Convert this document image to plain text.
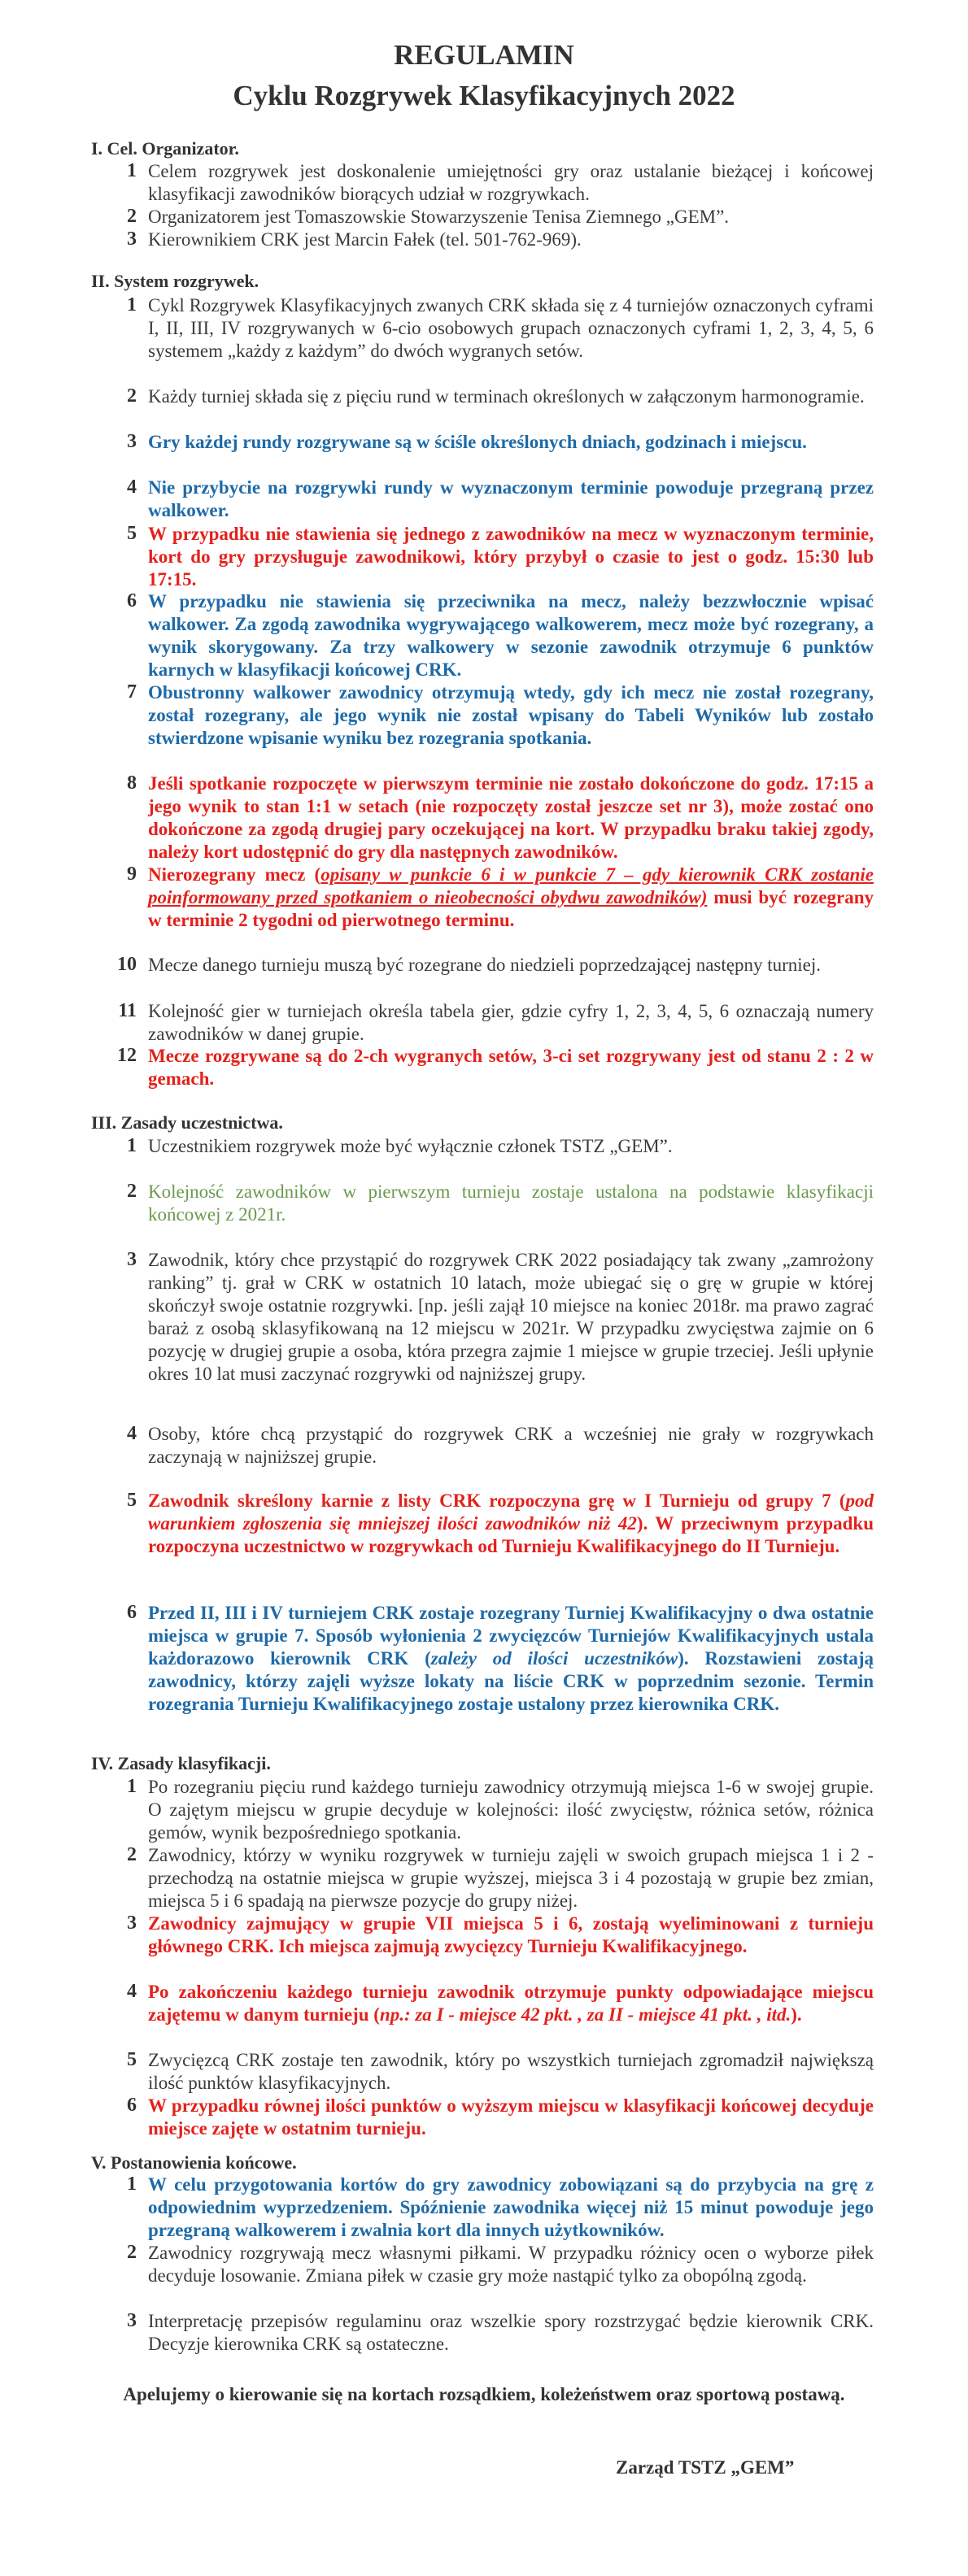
REGULAMIN
Cyklu Rozgrywek Klasyfikacyjnych 2022
I. Cel. Organizator.
1 Celem rozgrywek jest doskonalenie umiejętności gry oraz ustalanie bieżącej i końcowej klasyfikacji zawodników biorących udział w rozgrywkach.
2 Organizatorem jest Tomaszowskie Stowarzyszenie Tenisa Ziemnego „GEM”.
3 Kierownikiem CRK jest Marcin Fałek (tel. 501-762-969).
II. System rozgrywek.
1 Cykl Rozgrywek Klasyfikacyjnych zwanych CRK składa się z 4 turniejów oznaczonych cyframi I, II, III, IV rozgrywanych w 6-cio osobowych grupach oznaczonych cyframi 1, 2, 3, 4, 5, 6 systemem „każdy z każdym” do dwóch wygranych setów.
2 Każdy turniej składa się z pięciu rund w terminach określonych w załączonym harmonogramie.
3 Gry każdej rundy rozgrywane są w ściśle określonych dniach, godzinach i miejscu.
4 Nie przybycie na rozgrywki rundy w wyznaczonym terminie powoduje przegraną przez walkower.
5 W przypadku nie stawienia się jednego z zawodników na mecz w wyznaczonym terminie, kort do gry przysługuje zawodnikowi, który przybył o czasie to jest o godz. 15:30 lub 17:15.
6 W przypadku nie stawienia się przeciwnika na mecz, należy bezzwłocznie wpisać walkower. Za zgodą zawodnika wygrywającego walkowerem, mecz może być rozegrany, a wynik skorygowany. Za trzy walkowery w sezonie zawodnik otrzymuje 6 punktów karnych w klasyfikacji końcowej CRK.
7 Obustronny walkower zawodnicy otrzymują wtedy, gdy ich mecz nie został rozegrany, został rozegrany, ale jego wynik nie został wpisany do Tabeli Wyników lub zostało stwierdzone wpisanie wyniku bez rozegrania spotkania.
8 Jeśli spotkanie rozpoczęte w pierwszym terminie nie zostało dokończone do godz. 17:15 a jego wynik to stan 1:1 w setach (nie rozpoczęty został jeszcze set nr 3), może zostać ono dokończone za zgodą drugiej pary oczekującej na kort. W przypadku braku takiej zgody, należy kort udostępnić do gry dla następnych zawodników.
9 Nierozegrany mecz (opisany w punkcie 6 i w punkcie 7 – gdy kierownik CRK zostanie poinformowany przed spotkaniem o nieobecności obydwu zawodników) musi być rozegrany w terminie 2 tygodni od pierwotnego terminu.
10 Mecze danego turnieju muszą być rozegrane do niedzieli poprzedzającej następny turniej.
11 Kolejność gier w turniejach określa tabela gier, gdzie cyfry 1, 2, 3, 4, 5, 6 oznaczają numery zawodników w danej grupie.
12 Mecze rozgrywane są do 2-ch wygranych setów, 3-ci set rozgrywany jest od stanu 2 : 2 w gemach.
III. Zasady uczestnictwa.
1 Uczestnikiem rozgrywek może być wyłącznie członek TSTZ „GEM”.
2 Kolejność zawodników w pierwszym turnieju zostaje ustalona na podstawie klasyfikacji końcowej z 2021r.
3 Zawodnik, który chce przystąpić do rozgrywek CRK 2022 posiadający tak zwany „zamrożony ranking” tj. grał w CRK w ostatnich 10 latach, może ubiegać się o grę w grupie w której skończył swoje ostatnie rozgrywki. [np. jeśli zajął 10 miejsce na koniec 2018r. ma prawo zagrać baraż z osobą sklasyfikowaną na 12 miejscu w 2021r. W przypadku zwycięstwa zajmie on 6 pozycję w drugiej grupie a osoba, która przegra zajmie 1 miejsce w grupie trzeciej. Jeśli upłynie okres 10 lat musi zaczynać rozgrywki od najniższej grupy.
4 Osoby, które chcą przystąpić do rozgrywek CRK a wcześniej nie grały w rozgrywkach zaczynają w najniższej grupie.
5 Zawodnik skreślony karnie z listy CRK rozpoczyna grę w I Turnieju od grupy 7 (pod warunkiem zgłoszenia się mniejszej ilości zawodników niż 42). W przeciwnym przypadku rozpoczyna uczestnictwo w rozgrywkach od Turnieju Kwalifikacyjnego do II Turnieju.
6 Przed II, III i IV turniejem CRK zostaje rozegrany Turniej Kwalifikacyjny o dwa ostatnie miejsca w grupie 7. Sposób wyłonienia 2 zwycięzców Turniejów Kwalifikacyjnych ustala każdorazowo kierownik CRK (zależy od ilości uczestników). Rozstawieni zostają zawodnicy, którzy zajęli wyższe lokaty na liście CRK w poprzednim sezonie. Termin rozegrania Turnieju Kwalifikacyjnego zostaje ustalony przez kierownika CRK.
IV. Zasady klasyfikacji.
1 Po rozegraniu pięciu rund każdego turnieju zawodnicy otrzymują miejsca 1-6 w swojej grupie. O zajętym miejscu w grupie decyduje w kolejności: ilość zwycięstw, różnica setów, różnica gemów, wynik bezpośredniego spotkania.
2 Zawodnicy, którzy w wyniku rozgrywek w turnieju zajęli w swoich grupach miejsca 1 i 2 - przechodzą na ostatnie miejsca w grupie wyższej, miejsca 3 i 4 pozostają w grupie bez zmian, miejsca 5 i 6 spadają na pierwsze pozycje do grupy niżej.
3 Zawodnicy zajmujący w grupie VII miejsca 5 i 6, zostają wyeliminowani z turnieju głównego CRK. Ich miejsca zajmują zwycięzcy Turnieju Kwalifikacyjnego.
4 Po zakończeniu każdego turnieju zawodnik otrzymuje punkty odpowiadające miejscu zajętemu w danym turnieju (np.: za I - miejsce 42 pkt. , za II - miejsce 41 pkt. , itd.).
5 Zwycięzcą CRK zostaje ten zawodnik, który po wszystkich turniejach zgromadził największą ilość punktów klasyfikacyjnych.
6 W przypadku równej ilości punktów o wyższym miejscu w klasyfikacji końcowej decyduje miejsce zajęte w ostatnim turnieju.
V. Postanowienia końcowe.
1 W celu przygotowania kortów do gry zawodnicy zobowiązani są do przybycia na grę z odpowiednim wyprzedzeniem. Spóźnienie zawodnika więcej niż 15 minut powoduje jego przegraną walkowerem i zwalnia kort dla innych użytkowników.
2 Zawodnicy rozgrywają mecz własnymi piłkami. W przypadku różnicy ocen o wyborze piłek decyduje losowanie. Zmiana piłek w czasie gry może nastąpić tylko za obopólną zgodą.
3 Interpretację przepisów regulaminu oraz wszelkie spory rozstrzygać będzie kierownik CRK. Decyzje kierownika CRK są ostateczne.
Apelujemy o kierowanie się na kortach rozsądkiem, koleżeństwem oraz sportową postawą.
Zarząd TSTZ „GEM”
